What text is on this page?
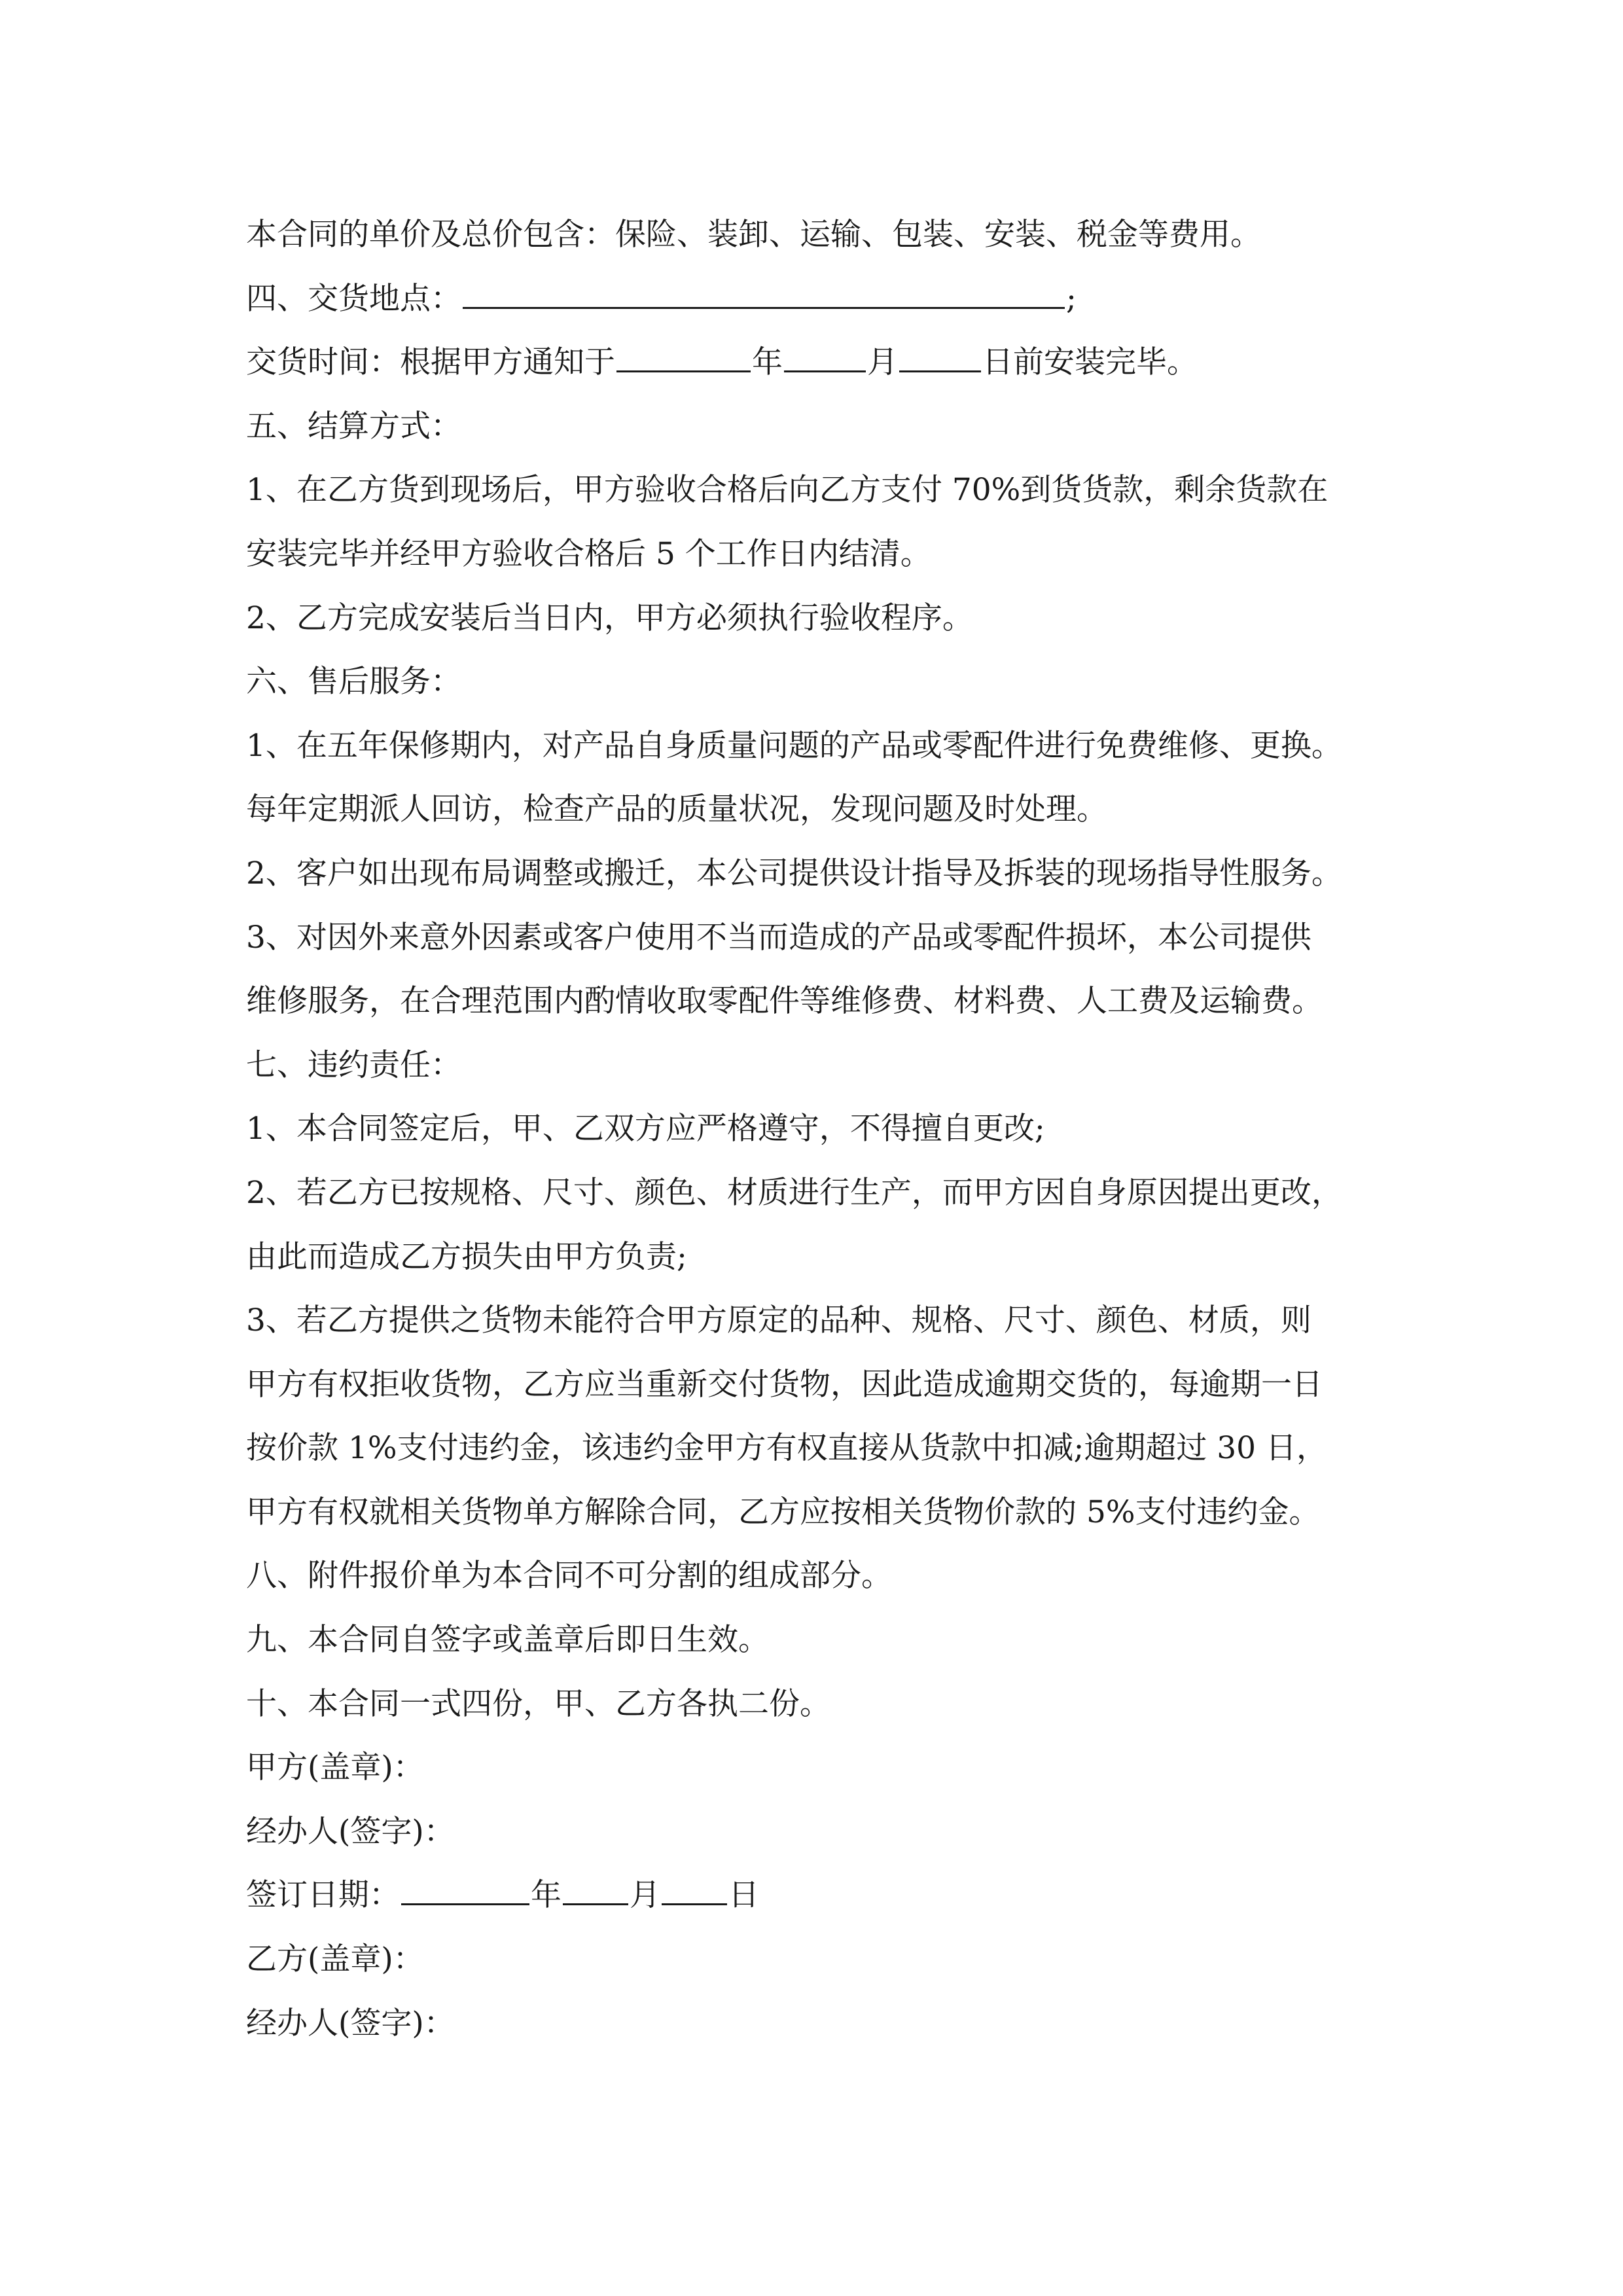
本合同的单价及总价包含：保险、装卸、运输、包装、安装、税金等费用。
四、交货地点：	;
交货时间：根据甲方通知于	年	月	日前安装完毕。
五、结算方式：
1、在乙方货到现场后，甲方验收合格后向乙方支付 70%到货货款，剩余货款在
安装完毕并经甲方验收合格后 5 个工作日内结清。
2、乙方完成安装后当日内，甲方必须执行验收程序。
六、售后服务：
1、在五年保修期内，对产品自身质量问题的产品或零配件进行免费维修、更换。
每年定期派人回访，检查产品的质量状况，发现问题及时处理。
2、客户如出现布局调整或搬迁，本公司提供设计指导及拆装的现场指导性服务。
3、对因外来意外因素或客户使用不当而造成的产品或零配件损坏，本公司提供
维修服务，在合理范围内酌情收取零配件等维修费、材料费、人工费及运输费。
七、违约责任：
1、本合同签定后，甲、乙双方应严格遵守，不得擅自更改;
2、若乙方已按规格、尺寸、颜色、材质进行生产，而甲方因自身原因提出更改，
由此而造成乙方损失由甲方负责;
3、若乙方提供之货物未能符合甲方原定的品种、规格、尺寸、颜色、材质，则
甲方有权拒收货物，乙方应当重新交付货物，因此造成逾期交货的，每逾期一日
按价款 1%支付违约金，该违约金甲方有权直接从货款中扣减;逾期超过 30 日，
甲方有权就相关货物单方解除合同，乙方应按相关货物价款的 5%支付违约金。
八、附件报价单为本合同不可分割的组成部分。
九、本合同自签字或盖章后即日生效。
十、本合同一式四份，甲、乙方各执二份。
甲方(盖章)：
经办人(签字)：
签订日期：	年 月 日
乙方(盖章)：
经办人(签字)：
